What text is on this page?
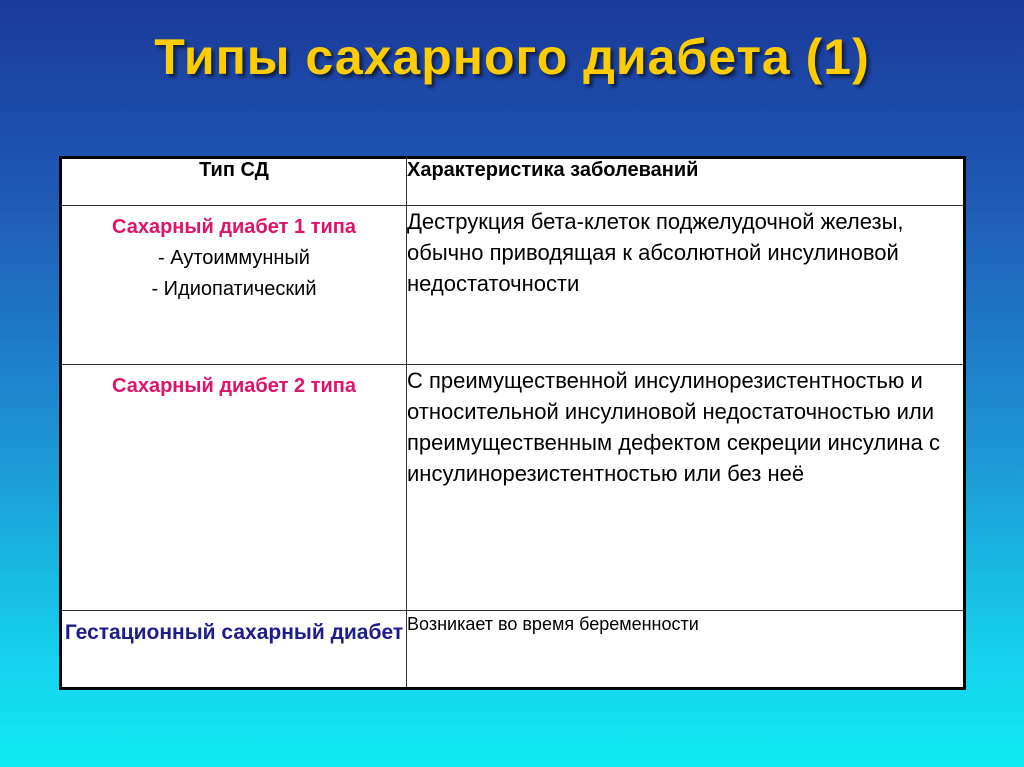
Типы сахарного диабета (1)
Тип СД	Характеристика заболеваний

Сахарный диабет 1 типа
- Аутоиммунный
- Идиопатический	Деструкция бета-клеток поджелудочной железы, обычно приводящая к абсолютной инсулиновой недостаточности

Сахарный диабет 2 типа	С преимущественной инсулинорезистентностью и относительной инсулиновой недостаточностью или преимущественным дефектом секреции инсулина с инсулинорезистентностью или без неё

Гестационный сахарный диабет	Возникает во время беременности
